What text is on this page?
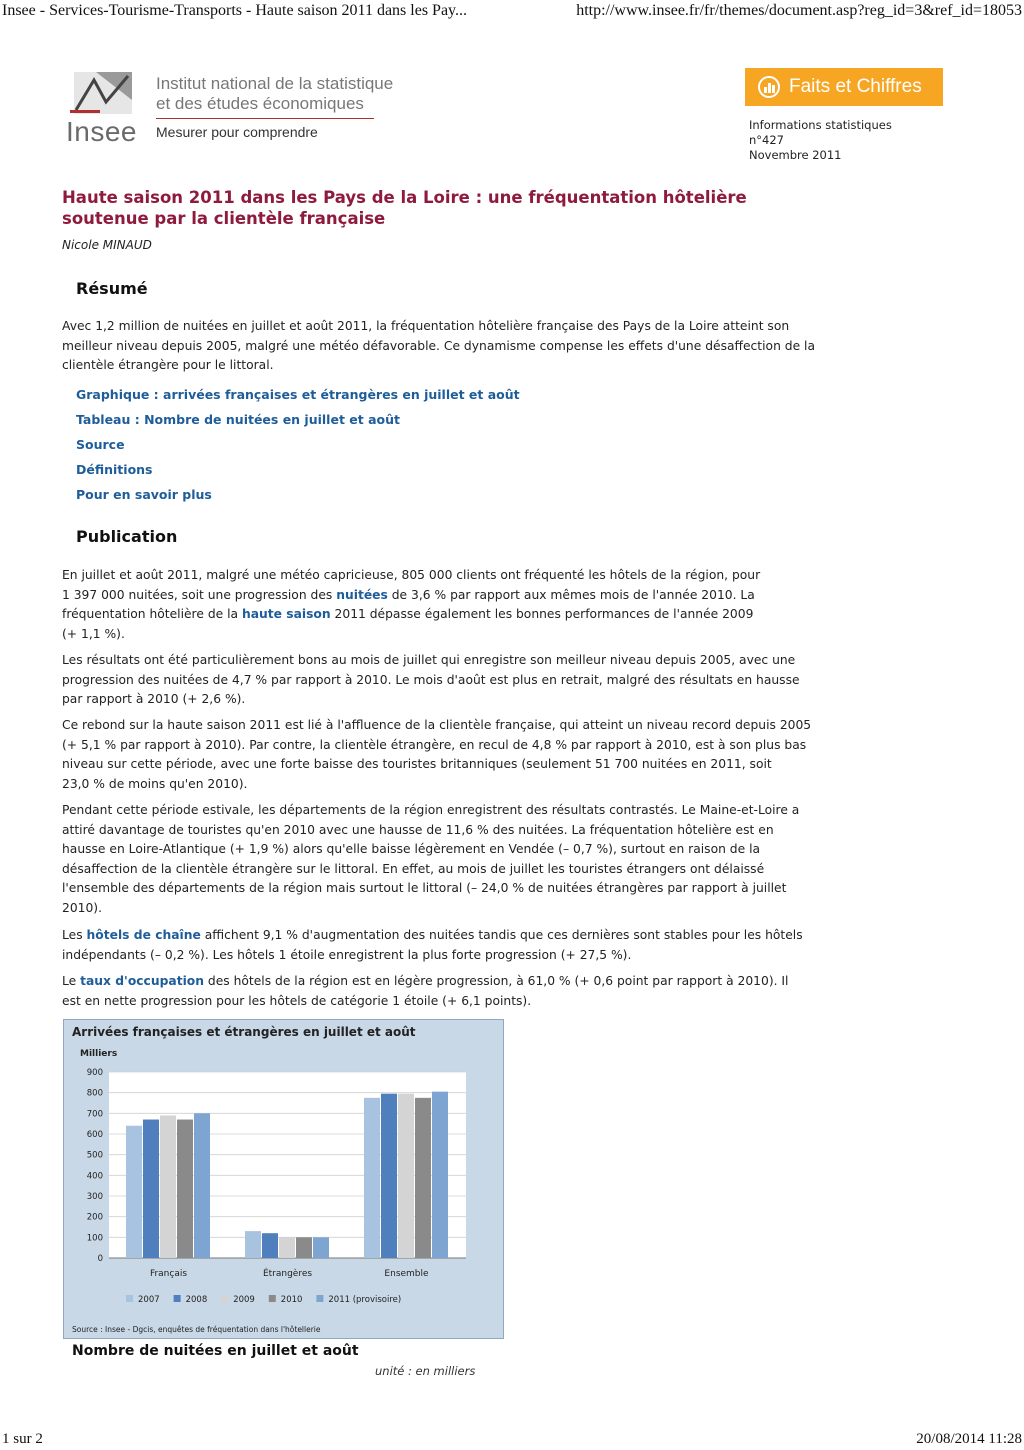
Insee - Services-Tourisme-Transports - Haute saison 2011 dans les Pay...	http://www.insee.fr/fr/themes/document.asp?reg_id=3&ref_id=18053
Insee
Institut national de la statistique
et des études économiques
Mesurer pour comprendre
Faits et Chiffres
Informations statistiques
n°427
Novembre 2011
Haute saison 2011 dans les Pays de la Loire : une fréquentation hôtelière soutenue par la clientèle française
Nicole MINAUD
Résumé
Avec 1,2 million de nuitées en juillet et août 2011, la fréquentation hôtelière française des Pays de la Loire atteint son
meilleur niveau depuis 2005, malgré une météo défavorable. Ce dynamisme compense les effets d'une désaffection de la
clientèle étrangère pour le littoral.
Graphique : arrivées françaises et étrangères en juillet et août
Tableau : Nombre de nuitées en juillet et août
Source
Définitions
Pour en savoir plus
Publication
En juillet et août 2011, malgré une météo capricieuse, 805 000 clients ont fréquenté les hôtels de la région, pour
1 397 000 nuitées, soit une progression des nuitées de 3,6 % par rapport aux mêmes mois de l'année 2010. La
fréquentation hôtelière de la haute saison 2011 dépasse également les bonnes performances de l'année 2009
(+ 1,1 %).
Les résultats ont été particulièrement bons au mois de juillet qui enregistre son meilleur niveau depuis 2005, avec une
progression des nuitées de 4,7 % par rapport à 2010. Le mois d'août est plus en retrait, malgré des résultats en hausse
par rapport à 2010 (+ 2,6 %).
Ce rebond sur la haute saison 2011 est lié à l'affluence de la clientèle française, qui atteint un niveau record depuis 2005
(+ 5,1 % par rapport à 2010). Par contre, la clientèle étrangère, en recul de 4,8 % par rapport à 2010, est à son plus bas
niveau sur cette période, avec une forte baisse des touristes britanniques (seulement 51 700 nuitées en 2011, soit
23,0 % de moins qu'en 2010).
Pendant cette période estivale, les départements de la région enregistrent des résultats contrastés. Le Maine-et-Loire a
attiré davantage de touristes qu'en 2010 avec une hausse de 11,6 % des nuitées. La fréquentation hôtelière est en
hausse en Loire-Atlantique (+ 1,9 %) alors qu'elle baisse légèrement en Vendée (– 0,7 %), surtout en raison de la
désaffection de la clientèle étrangère sur le littoral. En effet, au mois de juillet les touristes étrangers ont délaissé
l'ensemble des départements de la région mais surtout le littoral (– 24,0 % de nuitées étrangères par rapport à juillet
2010).
Les hôtels de chaîne affichent 9,1 % d'augmentation des nuitées tandis que ces dernières sont stables pour les hôtels
indépendants (– 0,2 %). Les hôtels 1 étoile enregistrent la plus forte progression (+ 27,5 %).
Le taux d'occupation des hôtels de la région est en légère progression, à 61,0 % (+ 0,6 point par rapport à 2010). Il
est en nette progression pour les hôtels de catégorie 1 étoile (+ 6,1 points).
Arrivées françaises et étrangères en juillet et août
Milliers
0
100
200
300
400
500
600
700
800
900
Français	Étrangères	Ensemble
2007	2008	2009	2010	2011 (provisoire)
Source : Insee - Dgcis, enquêtes de fréquentation dans l'hôtellerie
Nombre de nuitées en juillet et août
unité : en milliers
1 sur 2	20/08/2014 11:28
